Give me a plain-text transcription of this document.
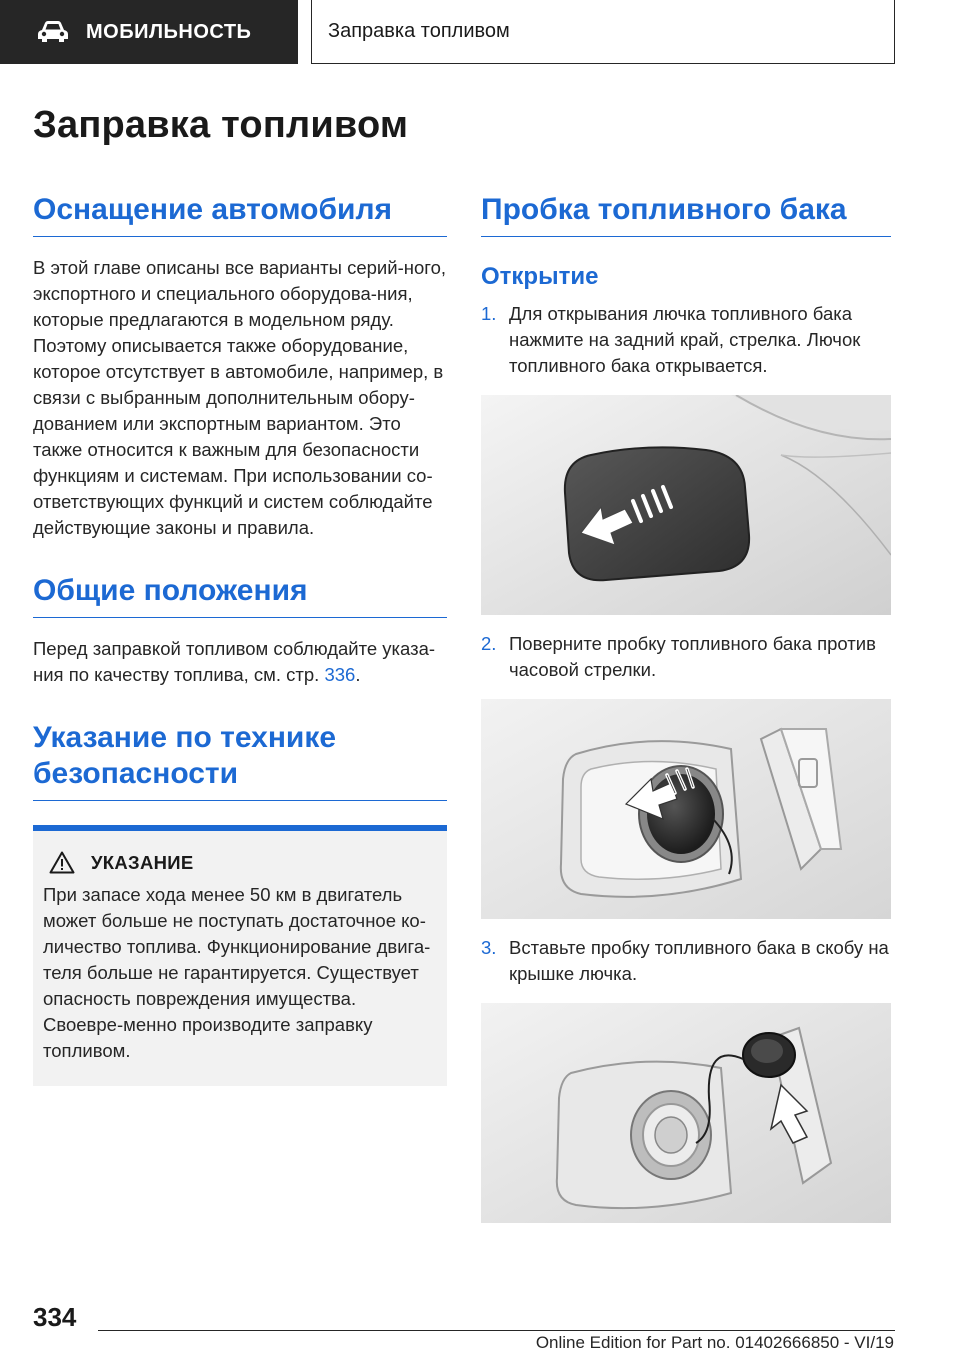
МОБИЛЬНОСТЬ	Заправка топливом
Заправка топливом
Оснащение автомобиля

В этой главе описаны все варианты серий-ного, экспортного и специального оборудова-ния, которые предлагаются в модельном ряду. Поэтому описывается также оборудование, которое отсутствует в автомобиле, например, в связи с выбранным дополнительным обору-дованием или экспортным вариантом. Это также относится к важным для безопасности функциям и системам. При использовании со-ответствующих функций и систем соблюдайте действующие законы и правила.

Общие положения

Перед заправкой топливом соблюдайте указа-ния по качеству топлива, см. стр. 336.

Указание по технике безопасности
УКАЗАНИЕ

При запасе хода менее 50 км в двигатель может больше не поступать достаточное ко-личество топлива. Функционирование двига-теля больше не гарантируется. Существует опасность повреждения имущества. Своевре-менно производите заправку топливом.

Пробка топливного бака
Открытие
1. Для открывания лючка топливного бака нажмите на задний край, стрелка. Лючок топливного бака открывается.
2. Поверните пробку топливного бака против часовой стрелки.
3. Вставьте пробку топливного бака в скобу на крышке лючка.
334
Online Edition for Part no. 01402666850 - VI/19
